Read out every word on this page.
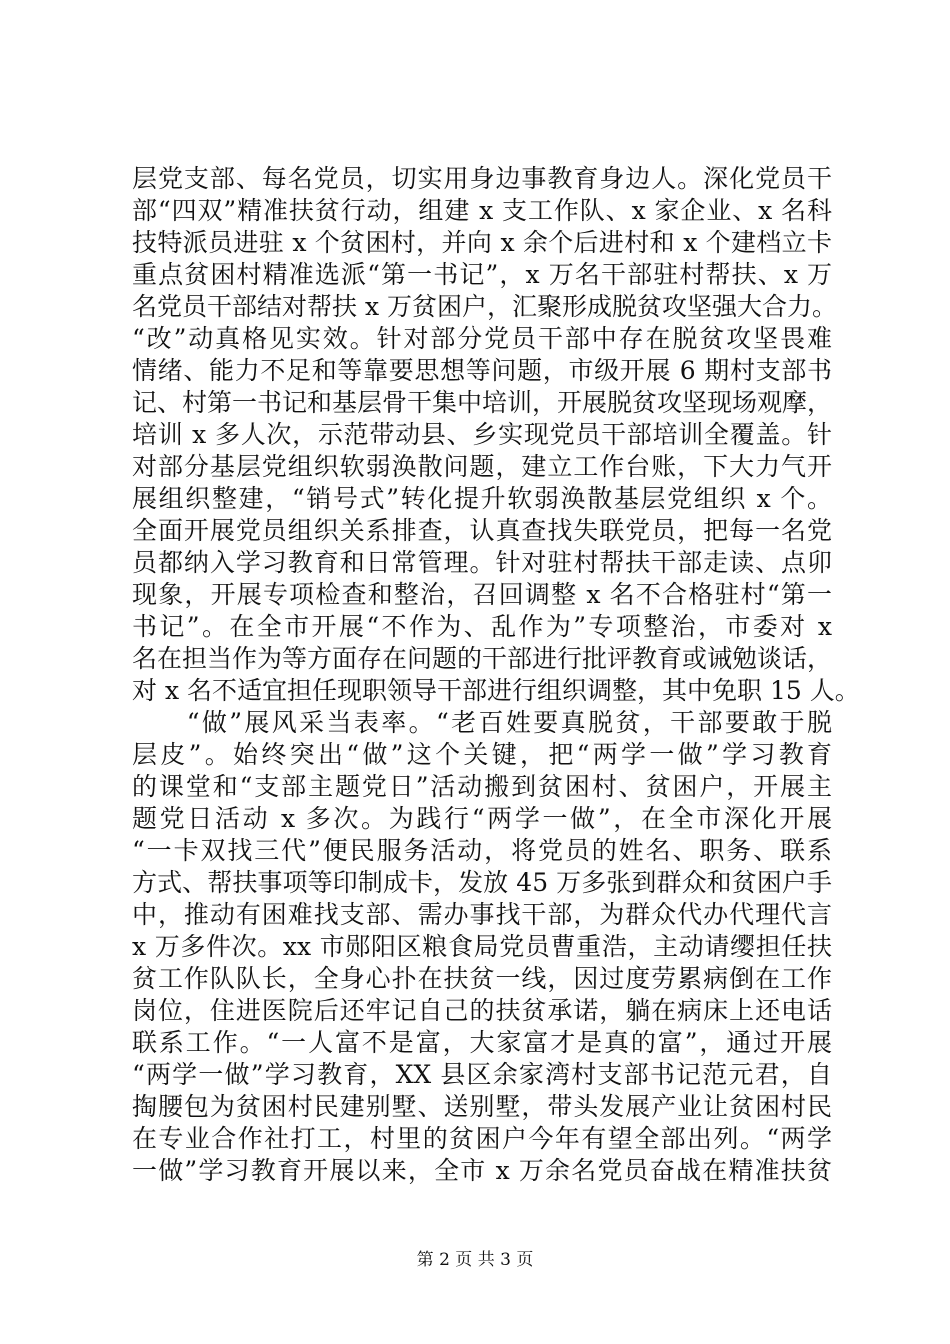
层党支部、每名党员，切实用身边事教育身边人。深化党员干
部“四双”精准扶贫行动，组建 x 支工作队、x 家企业、x 名科
技特派员进驻 x 个贫困村，并向 x 余个后进村和 x 个建档立卡
重点贫困村精准选派“第一书记”，x 万名干部驻村帮扶、x 万
名党员干部结对帮扶 x 万贫困户，汇聚形成脱贫攻坚强大合力。
“改”动真格见实效。针对部分党员干部中存在脱贫攻坚畏难
情绪、能力不足和等靠要思想等问题，市级开展 6 期村支部书
记、村第一书记和基层骨干集中培训，开展脱贫攻坚现场观摩，
培训 x 多人次，示范带动县、乡实现党员干部培训全覆盖。针
对部分基层党组织软弱涣散问题，建立工作台账，下大力气开
展组织整建，“销号式”转化提升软弱涣散基层党组织 x 个。
全面开展党员组织关系排查，认真查找失联党员，把每一名党
员都纳入学习教育和日常管理。针对驻村帮扶干部走读、点卯
现象，开展专项检查和整治，召回调整 x 名不合格驻村“第一
书记”。在全市开展“不作为、乱作为”专项整治，市委对 x
名在担当作为等方面存在问题的干部进行批评教育或诫勉谈话，
对 x 名不适宜担任现职领导干部进行组织调整，其中免职 15 人。
　　“做”展风采当表率。“老百姓要真脱贫，干部要敢于脱
层皮”。始终突出“做”这个关键，把“两学一做”学习教育
的课堂和“支部主题党日”活动搬到贫困村、贫困户，开展主
题党日活动 x 多次。为践行“两学一做”，在全市深化开展
“一卡双找三代”便民服务活动，将党员的姓名、职务、联系
方式、帮扶事项等印制成卡，发放 45 万多张到群众和贫困户手
中，推动有困难找支部、需办事找干部，为群众代办代理代言
x 万多件次。xx 市郧阳区粮食局党员曹重浩，主动请缨担任扶
贫工作队队长，全身心扑在扶贫一线，因过度劳累病倒在工作
岗位，住进医院后还牢记自己的扶贫承诺，躺在病床上还电话
联系工作。“一人富不是富，大家富才是真的富”，通过开展
“两学一做”学习教育，XX 县区余家湾村支部书记范元君，自
掏腰包为贫困村民建别墅、送别墅，带头发展产业让贫困村民
在专业合作社打工，村里的贫困户今年有望全部出列。“两学
一做”学习教育开展以来，全市 x 万余名党员奋战在精准扶贫
第 2 页 共 3 页
